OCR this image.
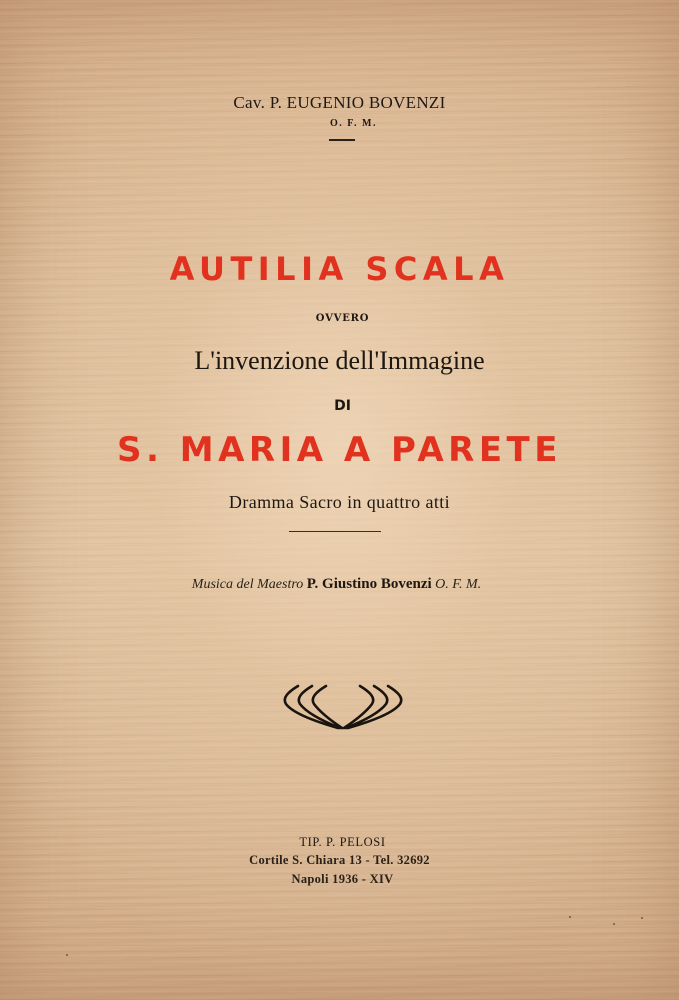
Cav. P. EUGENIO BOVENZI
O. F. M.
AUTILIA SCALA
OVVERO
L'invenzione dell'Immagine
DI
S. MARIA A PARETE
Dramma Sacro in quattro atti
Musica del Maestro P. Giustino Bovenzi O. F. M.
TIP. P. PELOSI
Cortile S. Chiara 13 - Tel. 32692
Napoli 1936 - XIV
